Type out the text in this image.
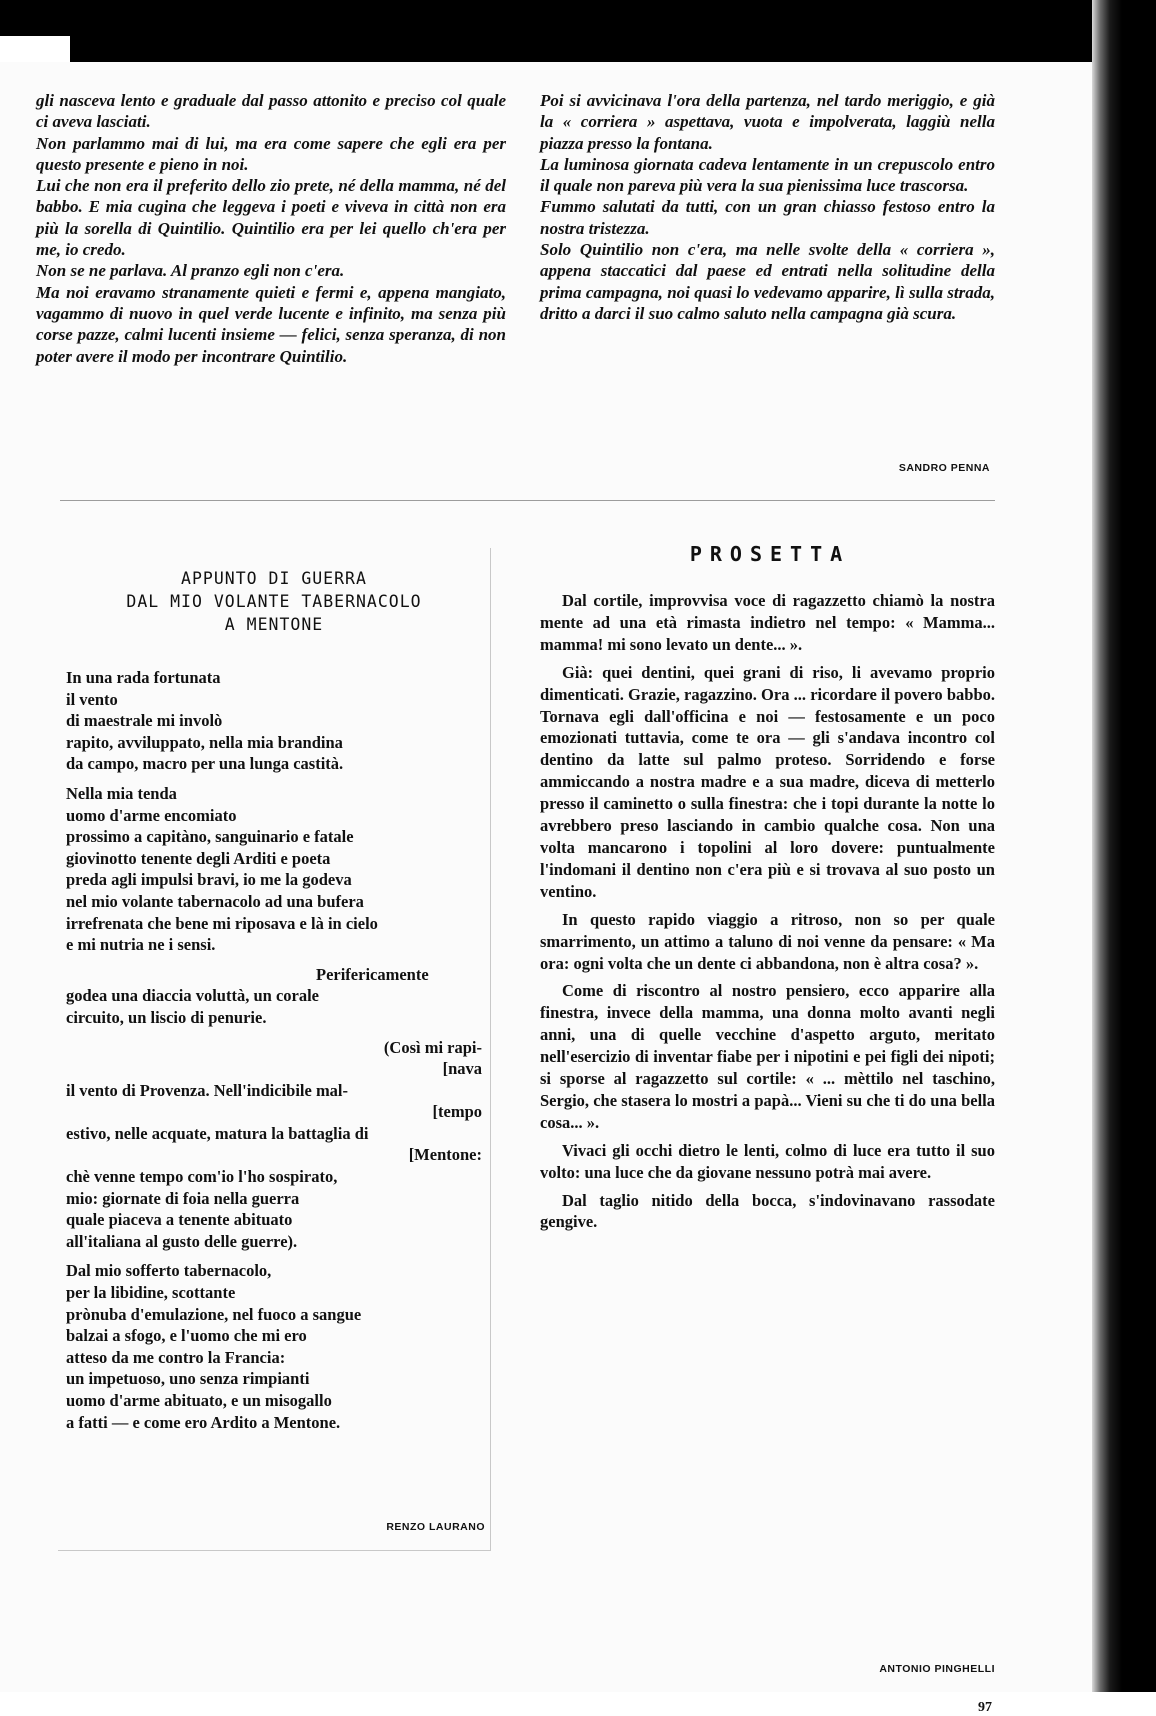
gli nasceva lento e graduale dal passo attonito e preciso col quale ci aveva lasciati.

Non parlammo mai di lui, ma era come sapere che egli era per questo presente e pieno in noi.

Lui che non era il preferito dello zio prete, né della mamma, né del babbo. E mia cugina che leggeva i poeti e viveva in città non era più la sorella di Quintilio. Quintilio era per lei quello ch'era per me, io credo.

Non se ne parlava. Al pranzo egli non c'era.

Ma noi eravamo stranamente quieti e fermi e, appena mangiato, vagammo di nuovo in quel verde lucente e infinito, ma senza più corse pazze, calmi lucenti insieme — felici, senza speranza, di non poter avere il modo per incontrare Quintilio.

Poi si avvicinava l'ora della partenza, nel tardo meriggio, e già la « corriera » aspettava, vuota e impolverata, laggiù nella piazza presso la fontana.

La luminosa giornata cadeva lentamente in un crepuscolo entro il quale non pareva più vera la sua pienissima luce trascorsa.

Fummo salutati da tutti, con un gran chiasso festoso entro la nostra tristezza.

Solo Quintilio non c'era, ma nelle svolte della « corriera », appena staccatici dal paese ed entrati nella solitudine della prima campagna, noi quasi lo vedevamo apparire, lì sulla strada, dritto a darci il suo calmo saluto nella campagna già scura.

SANDRO PENNA
APPUNTO DI GUERRA
DAL MIO VOLANTE TABERNACOLO
A MENTONE
In una rada fortunata
il vento
di maestrale mi involò
rapito, avviluppato, nella mia brandina
da campo, macro per una lunga castità.
Nella mia tenda
uomo d'arme encomiato
prossimo a capitàno, sanguinario e fatale
giovinotto tenente degli Arditi e poeta
preda agli impulsi bravi, io me la godeva
nel mio volante tabernacolo ad una bufera
irrefrenata che bene mi riposava e là in cielo
e mi nutria ne i sensi.
Perifericamente
godea una diaccia voluttà, un corale
circuito, un liscio di penurie.
(Così mi rapi-
[nava
il vento di Provenza. Nell'indicibile mal-
[tempo
estivo, nelle acquate, matura la battaglia di
[Mentone:
chè venne tempo com'io l'ho sospirato,
mio: giornate di foia nella guerra
quale piaceva a tenente abituato
all'italiana al gusto delle guerre).
Dal mio sofferto tabernacolo,
per la libidine, scottante
prònuba d'emulazione, nel fuoco a sangue
balzai a sfogo, e l'uomo che mi ero
atteso da me contro la Francia:
un impetuoso, uno senza rimpianti
uomo d'arme abituato, e un misogallo
a fatti — e come ero Ardito a Mentone.
RENZO LAURANO
PROSETTA

Dal cortile, improvvisa voce di ragazzetto chiamò la nostra mente ad una età rimasta indietro nel tempo: « Mamma... mamma! mi sono levato un dente... ».

Già: quei dentini, quei grani di riso, li avevamo proprio dimenticati. Grazie, ragazzino. Ora ... ricordare il povero babbo. Tornava egli dall'officina e noi — festosamente e un poco emozionati tuttavia, come te ora — gli s'andava incontro col dentino da latte sul palmo proteso. Sorridendo e forse ammiccando a nostra madre e a sua madre, diceva di metterlo presso il caminetto o sulla finestra: che i topi durante la notte lo avrebbero preso lasciando in cambio qualche cosa. Non una volta mancarono i topolini al loro dovere: puntualmente l'indomani il dentino non c'era più e si trovava al suo posto un ventino.

In questo rapido viaggio a ritroso, non so per quale smarrimento, un attimo a taluno di noi venne da pensare: « Ma ora: ogni volta che un dente ci abbandona, non è altra cosa? ».

Come di riscontro al nostro pensiero, ecco apparire alla finestra, invece della mamma, una donna molto avanti negli anni, una di quelle vecchine d'aspetto arguto, meritato nell'esercizio di inventar fiabe per i nipotini e pei figli dei nipoti; si sporse al ragazzetto sul cortile: « ... mèttilo nel taschino, Sergio, che stasera lo mostri a papà... Vieni su che ti do una bella cosa... ».

Vivaci gli occhi dietro le lenti, colmo di luce era tutto il suo volto: una luce che da giovane nessuno potrà mai avere.

Dal taglio nitido della bocca, s'indovinavano rassodate gengive.

ANTONIO PINGHELLI
97
